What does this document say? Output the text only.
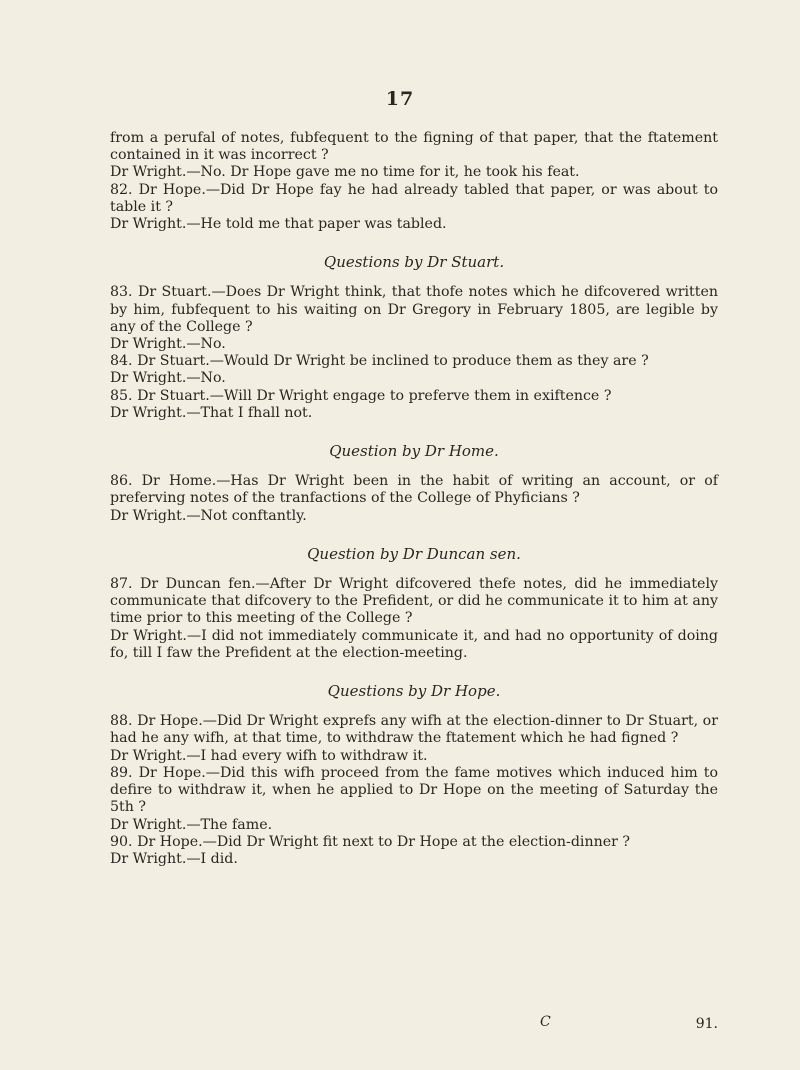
17

from a perufal of notes, fubfequent to the figning of that paper, that the ftatement contained in it was incorrect ?

Dr Wright.—No. Dr Hope gave me no time for it, he took his feat.

82. Dr Hope.—Did Dr Hope fay he had already tabled that paper, or was about to table it ?

Dr Wright.—He told me that paper was tabled.

Questions by Dr Stuart.

83. Dr Stuart.—Does Dr Wright think, that thofe notes which he difcovered written by him, fubfequent to his waiting on Dr Gregory in February 1805, are legible by any of the College ?

Dr Wright.—No.

84. Dr Stuart.—Would Dr Wright be inclined to produce them as they are ?

Dr Wright.—No.

85. Dr Stuart.—Will Dr Wright engage to preferve them in exiftence ?

Dr Wright.—That I fhall not.

Question by Dr Home.

86. Dr Home.—Has Dr Wright been in the habit of writing an account, or of preferving notes of the tranfactions of the College of Phyficians ?

Dr Wright.—Not conftantly.

Question by Dr Duncan sen.

87. Dr Duncan fen.—After Dr Wright difcovered thefe notes, did he immediately communicate that difcovery to the Prefident, or did he communicate it to him at any time prior to this meeting of the College ?

Dr Wright.—I did not immediately communicate it, and had no opportunity of doing fo, till I faw the Prefident at the election-meeting.

Questions by Dr Hope.

88. Dr Hope.—Did Dr Wright exprefs any wifh at the election-dinner to Dr Stuart, or had he any wifh, at that time, to withdraw the ftatement which he had figned ?

Dr Wright.—I had every wifh to withdraw it.

89. Dr Hope.—Did this wifh proceed from the fame motives which induced him to defire to withdraw it, when he applied to Dr Hope on the meeting of Saturday the 5th ?

Dr Wright.—The fame.

90. Dr Hope.—Did Dr Wright fit next to Dr Hope at the election-dinner ?

Dr Wright.—I did.

C	91.
